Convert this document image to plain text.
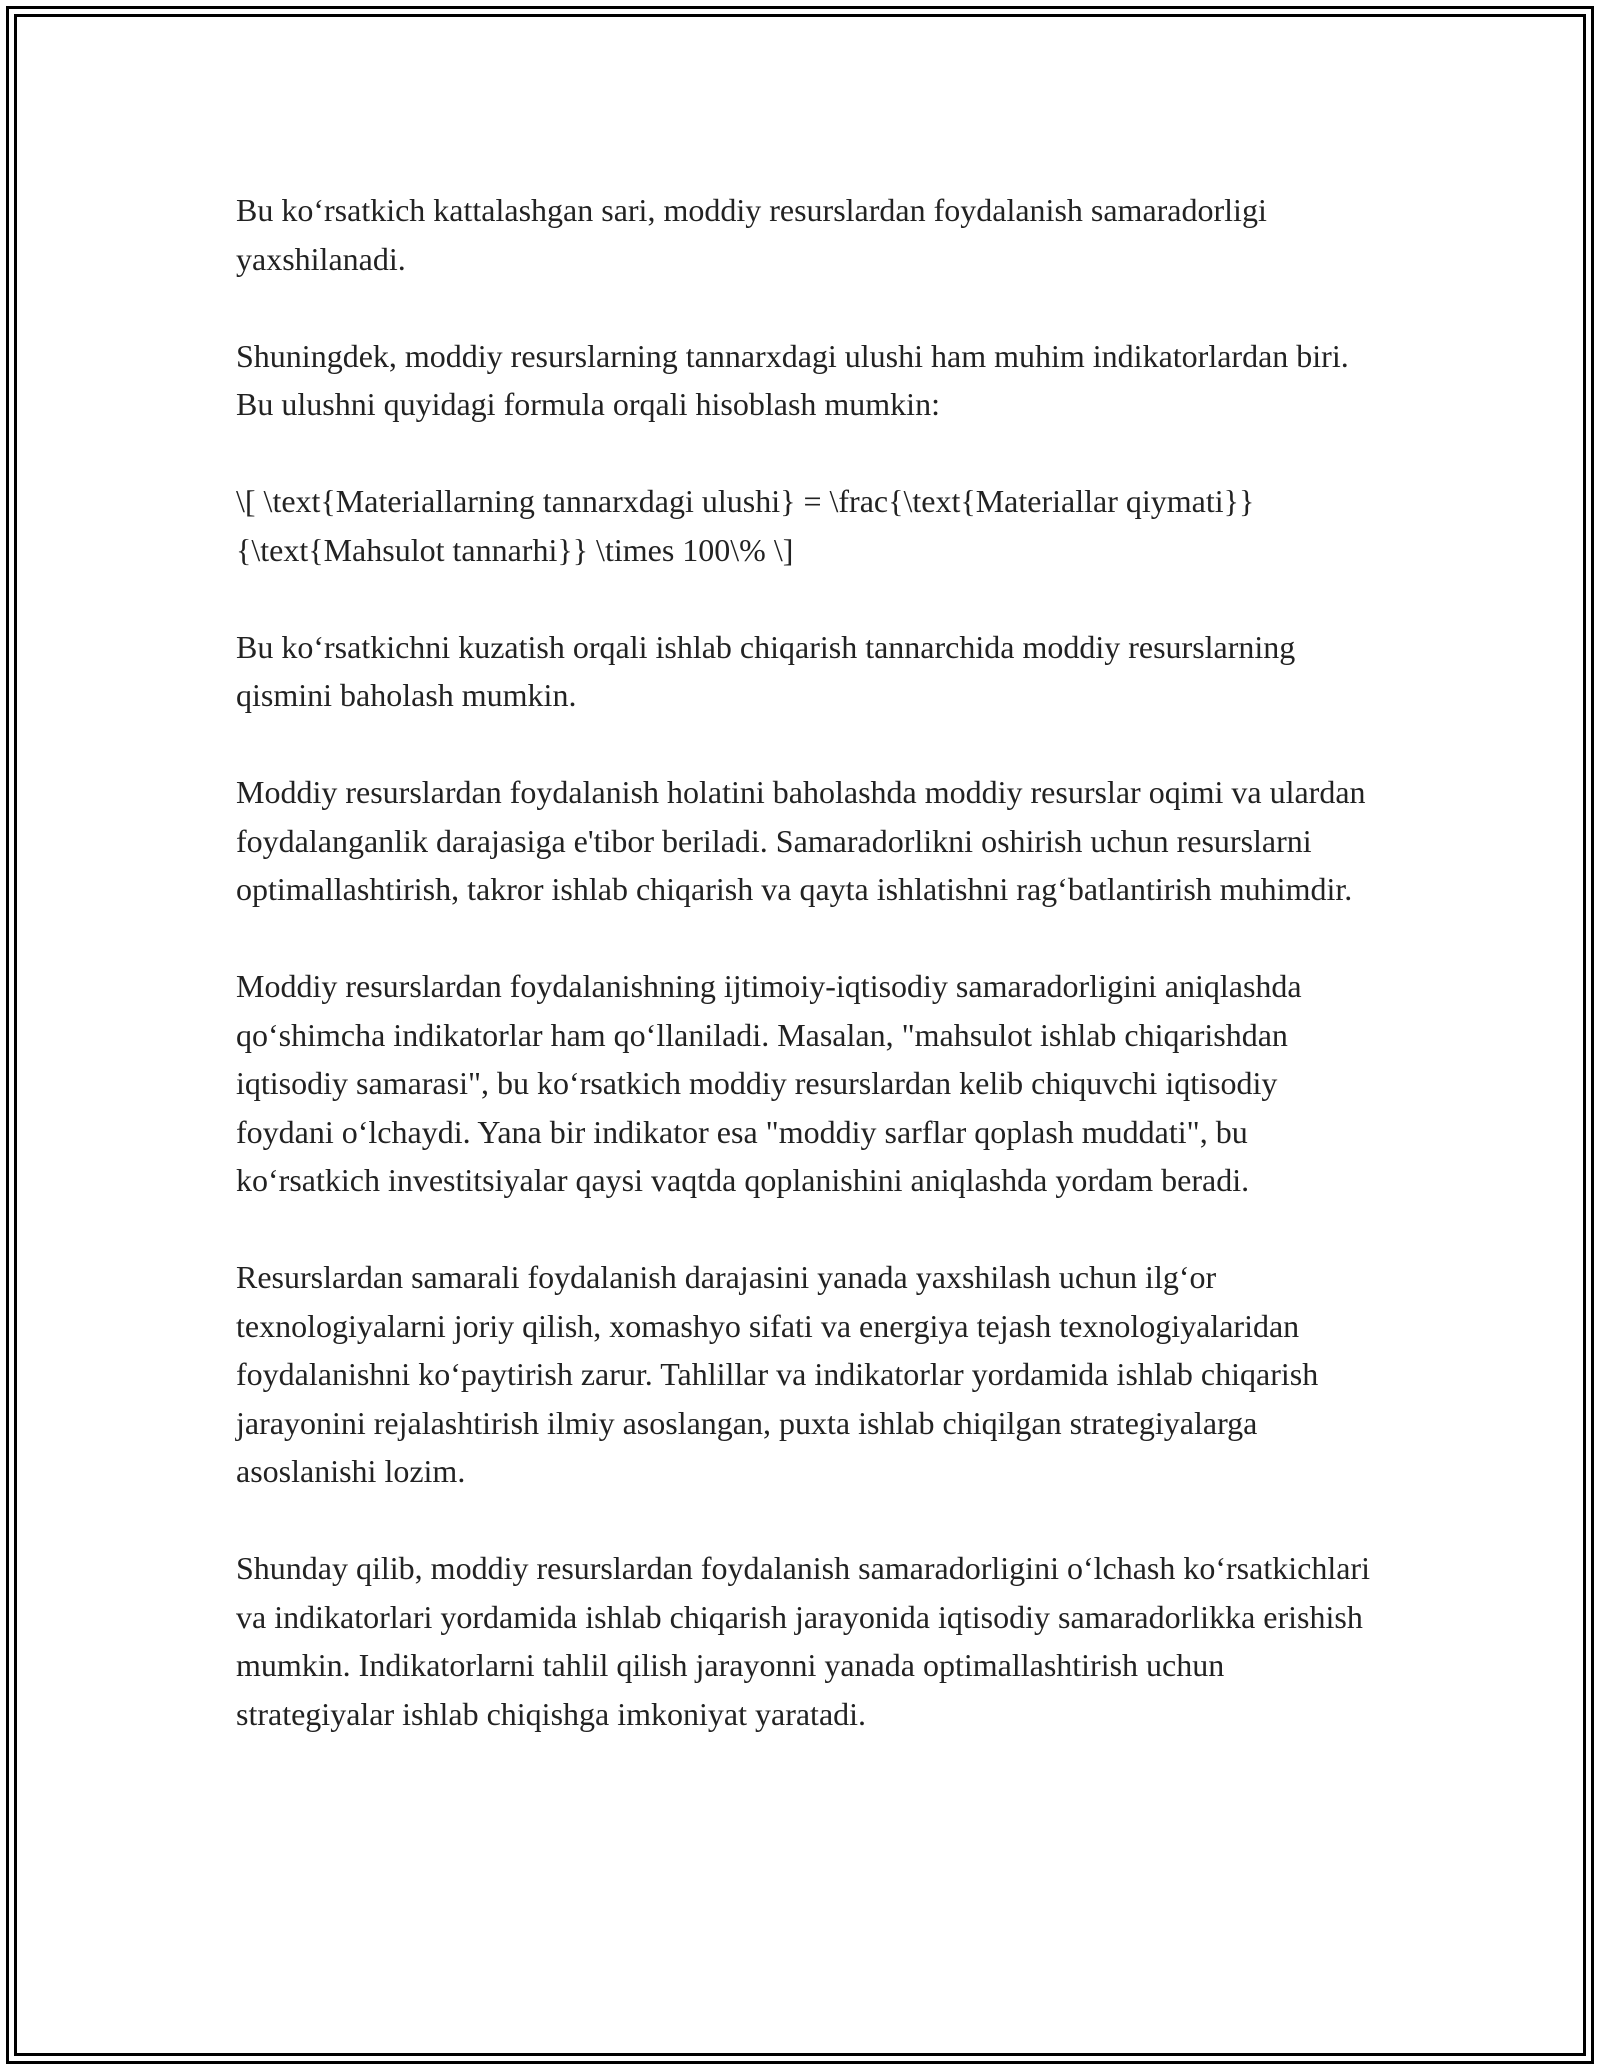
Bu ko‘rsatkich kattalashgan sari, moddiy resurslardan foydalanish samaradorligi yaxshilanadi.

Shuningdek, moddiy resurslarning tannarxdagi ulushi ham muhim indikatorlardan biri. Bu ulushni quyidagi formula orqali hisoblash mumkin:

\[ \text{Materiallarning tannarxdagi ulushi} = \frac{\text{Materiallar qiymati}}{\text{Mahsulot tannarhi}} \times 100\% \]

Bu ko‘rsatkichni kuzatish orqali ishlab chiqarish tannarchida moddiy resurslarning qismini baholash mumkin.

Moddiy resurslardan foydalanish holatini baholashda moddiy resurslar oqimi va ulardan foydalanganlik darajasiga e'tibor beriladi. Samaradorlikni oshirish uchun resurslarni optimallashtirish, takror ishlab chiqarish va qayta ishlatishni rag‘batlantirish muhimdir.

Moddiy resurslardan foydalanishning ijtimoiy-iqtisodiy samaradorligini aniqlashda qo‘shimcha indikatorlar ham qo‘llaniladi. Masalan, "mahsulot ishlab chiqarishdan iqtisodiy samarasi", bu ko‘rsatkich moddiy resurslardan kelib chiquvchi iqtisodiy foydani o‘lchaydi. Yana bir indikator esa "moddiy sarflar qoplash muddati", bu ko‘rsatkich investitsiyalar qaysi vaqtda qoplanishini aniqlashda yordam beradi.

Resurslardan samarali foydalanish darajasini yanada yaxshilash uchun ilg‘or texnologiyalarni joriy qilish, xomashyo sifati va energiya tejash texnologiyalaridan foydalanishni ko‘paytirish zarur. Tahlillar va indikatorlar yordamida ishlab chiqarish jarayonini rejalashtirish ilmiy asoslangan, puxta ishlab chiqilgan strategiyalarga asoslanishi lozim.

Shunday qilib, moddiy resurslardan foydalanish samaradorligini o‘lchash ko‘rsatkichlari va indikatorlari yordamida ishlab chiqarish jarayonida iqtisodiy samaradorlikka erishish mumkin. Indikatorlarni tahlil qilish jarayonni yanada optimallashtirish uchun strategiyalar ishlab chiqishga imkoniyat yaratadi.
